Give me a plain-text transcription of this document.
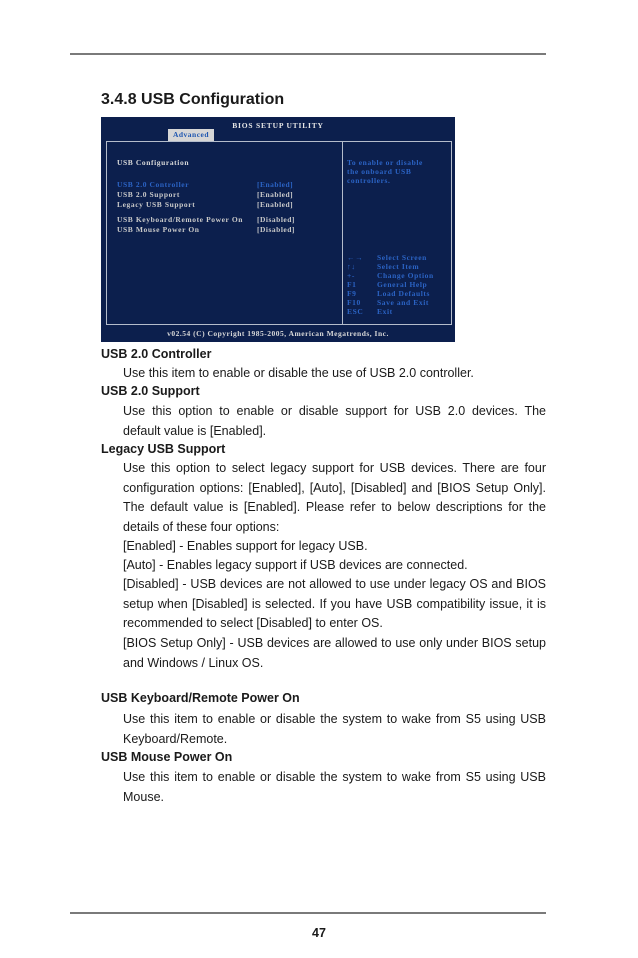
3.4.8 USB Configuration
BIOS SETUP UTILITY
Advanced
USB Configuration
USB 2.0 Controller	[Enabled]
USB 2.0 Support	[Enabled]
Legacy USB Support	[Enabled]
USB Keyboard/Remote Power On [Disabled]
USB Mouse Power On	[Disabled]
To enable or disable
the onboard USB
controllers.
←→ Select Screen
↑↓	Select Item
+-	Change Option
F1	General Help
F9	Load Defaults
F10 Save and Exit
ESC Exit
v02.54 (C) Copyright 1985-2005, American Megatrends, Inc.
USB 2.0 Controller

Use this item to enable or disable the use of USB 2.0 controller.

USB 2.0 Support

Use this option to enable or disable support for USB 2.0 devices. The default value is [Enabled].

Legacy USB Support

Use this option to select legacy support for USB devices. There are four configuration options: [Enabled], [Auto], [Disabled] and [BIOS Setup Only]. The default value is [Enabled]. Please refer to below descriptions for the details of these four options:

[Enabled] - Enables support for legacy USB.

[Auto] - Enables legacy support if USB devices are connected.

[Disabled] - USB devices are not allowed to use under legacy OS and BIOS setup when [Disabled] is selected. If you have USB compatibility issue, it is recommended to select [Disabled] to enter OS.

[BIOS Setup Only] - USB devices are allowed to use only under BIOS setup and Windows / Linux OS.

USB Keyboard/Remote Power On

Use this item to enable or disable the system to wake from S5 using USB Keyboard/Remote.

USB Mouse Power On

Use this item to enable or disable the system to wake from S5 using USB Mouse.

47
